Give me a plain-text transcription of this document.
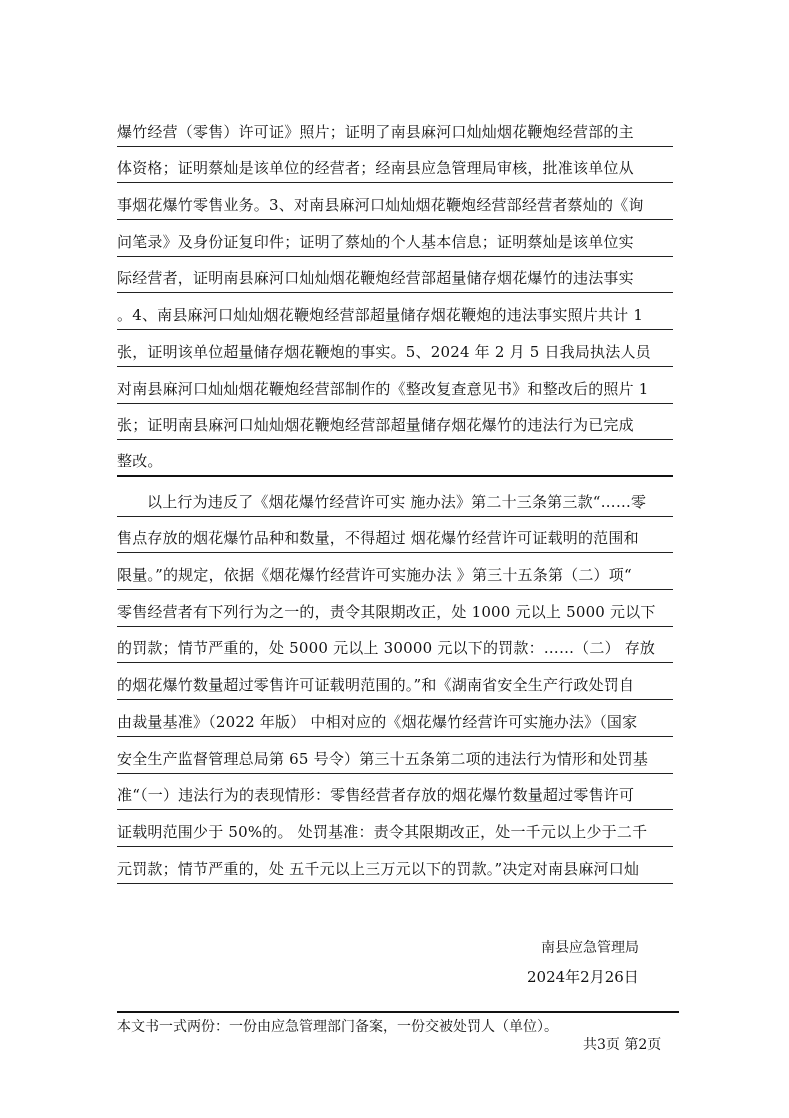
爆竹经营（零售）许可证》照片；证明了南县麻河口灿灿烟花鞭炮经营部的主
体资格；证明蔡灿是该单位的经营者；经南县应急管理局审核，批准该单位从
事烟花爆竹零售业务。3、对南县麻河口灿灿烟花鞭炮经营部经营者蔡灿的《询
问笔录》及身份证复印件；证明了蔡灿的个人基本信息；证明蔡灿是该单位实
际经营者，证明南县麻河口灿灿烟花鞭炮经营部超量储存烟花爆竹的违法事实
。4、南县麻河口灿灿烟花鞭炮经营部超量储存烟花鞭炮的违法事实照片共计 1
张，证明该单位超量储存烟花鞭炮的事实。5、2024 年 2 月 5 日我局执法人员
对南县麻河口灿灿烟花鞭炮经营部制作的《整改复查意见书》和整改后的照片 1
张；证明南县麻河口灿灿烟花鞭炮经营部超量储存烟花爆竹的违法行为已完成
整改。
以上行为违反了《烟花爆竹经营许可实 施办法》第二十三条第三款“……零
售点存放的烟花爆竹品种和数量，不得超过 烟花爆竹经营许可证载明的范围和
限量。”的规定，依据《烟花爆竹经营许可实施办法 》第三十五条第（二）项“
零售经营者有下列行为之一的，责令其限期改正，处 1000 元以上 5000 元以下
的罚款；情节严重的，处 5000 元以上 30000 元以下的罚款：……（二） 存放
的烟花爆竹数量超过零售许可证载明范围的。”和《湖南省安全生产行政处罚自
由裁量基准》（2022 年版） 中相对应的《烟花爆竹经营许可实施办法》（国家
安全生产监督管理总局第 65 号令）第三十五条第二项的违法行为情形和处罚基
准“（一）违法行为的表现情形：零售经营者存放的烟花爆竹数量超过零售许可
证载明范围少于 50%的。 处罚基准：责令其限期改正，处一千元以上少于二千
元罚款；情节严重的，处 五千元以上三万元以下的罚款。”决定对南县麻河口灿
南县应急管理局
2024年2月26日
本文书一式两份：一份由应急管理部门备案，一份交被处罚人（单位）。
共3页 第2页
